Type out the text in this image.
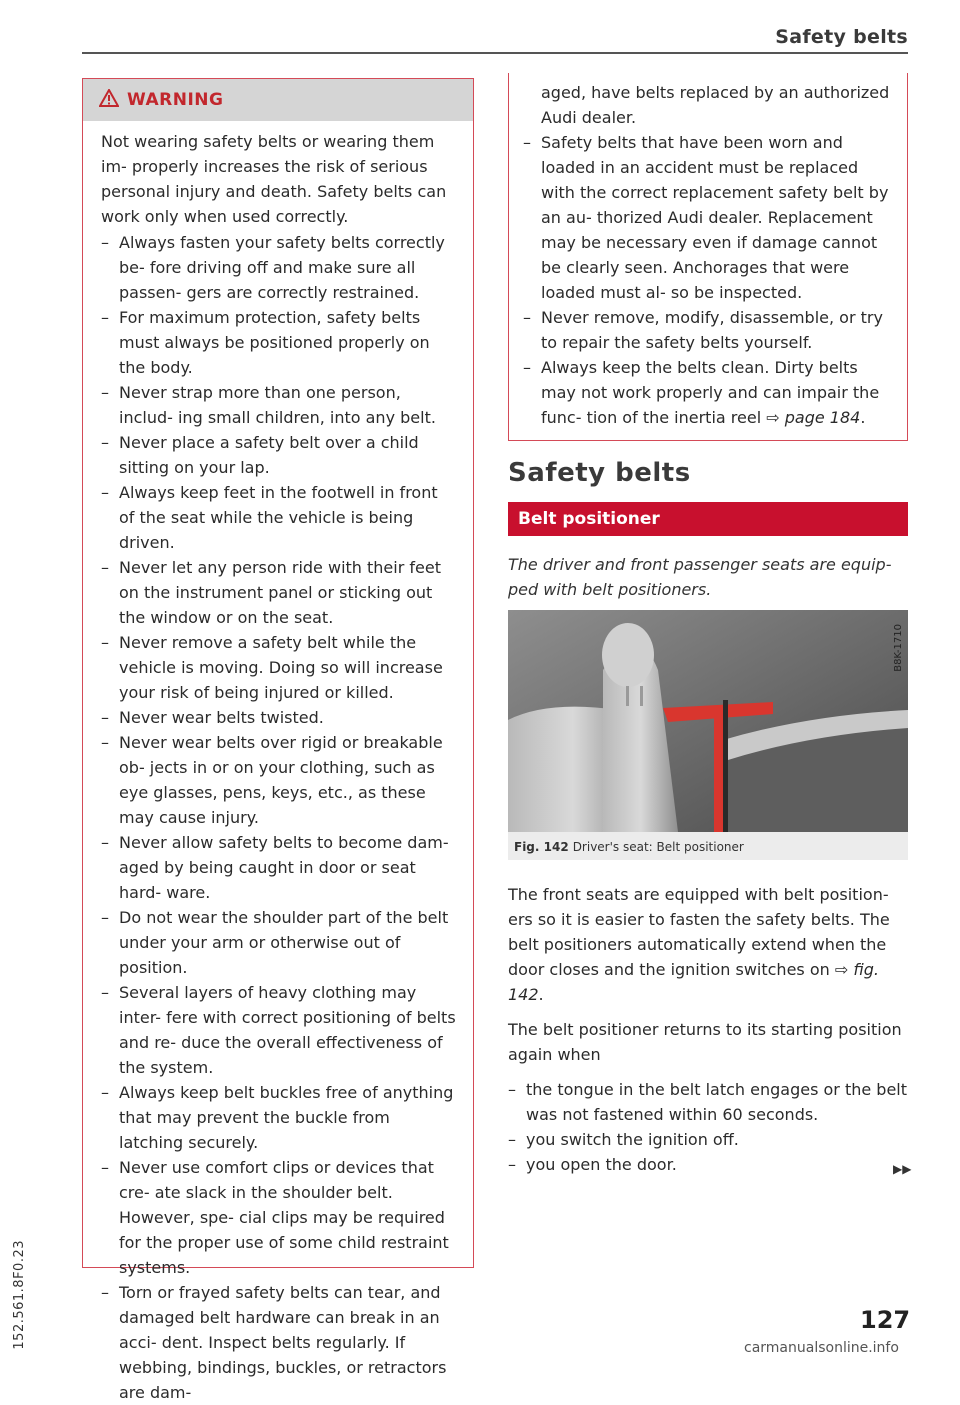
Safety belts
WARNING

Not wearing safety belts or wearing them im- properly increases the risk of serious personal injury and death. Safety belts can work only when used correctly.

– Always fasten your safety belts correctly be- fore driving off and make sure all passen- gers are correctly restrained.
– For maximum protection, safety belts must always be positioned properly on the body.
– Never strap more than one person, includ- ing small children, into any belt.
– Never place a safety belt over a child sitting on your lap.
– Always keep feet in the footwell in front of the seat while the vehicle is being driven.
– Never let any person ride with their feet on the instrument panel or sticking out the window or on the seat.
– Never remove a safety belt while the vehicle is moving. Doing so will increase your risk of being injured or killed.
– Never wear belts twisted.
– Never wear belts over rigid or breakable ob- jects in or on your clothing, such as eye glasses, pens, keys, etc., as these may cause injury.
– Never allow safety belts to become dam- aged by being caught in door or seat hard- ware.
– Do not wear the shoulder part of the belt under your arm or otherwise out of position.
– Several layers of heavy clothing may inter- fere with correct positioning of belts and re- duce the overall effectiveness of the system.
– Always keep belt buckles free of anything that may prevent the buckle from latching securely.
– Never use comfort clips or devices that cre- ate slack in the shoulder belt. However, spe- cial clips may be required for the proper use of some child restraint systems.
– Torn or frayed safety belts can tear, and damaged belt hardware can break in an acci- dent. Inspect belts regularly. If webbing, bindings, buckles, or retractors are dam-
aged, have belts replaced by an authorized Audi dealer.
– Safety belts that have been worn and loaded in an accident must be replaced with the correct replacement safety belt by an au- thorized Audi dealer. Replacement may be necessary even if damage cannot be clearly seen. Anchorages that were loaded must al- so be inspected.
– Never remove, modify, disassemble, or try to repair the safety belts yourself.
– Always keep the belts clean. Dirty belts may not work properly and can impair the func- tion of the inertia reel ⇨ page 184.
Safety belts
Belt positioner
The driver and front passenger seats are equip- ped with belt positioners.
B8K-1710
Fig. 142 Driver's seat: Belt positioner

The front seats are equipped with belt position- ers so it is easier to fasten the safety belts. The belt positioners automatically extend when the door closes and the ignition switches on ⇨ fig. 142.

The belt positioner returns to its starting position again when

– the tongue in the belt latch engages or the belt was not fastened within 60 seconds.
– you switch the ignition off.
– you open the door.	▶▶
127
152.561.8F0.23	carmanualsonline.info
